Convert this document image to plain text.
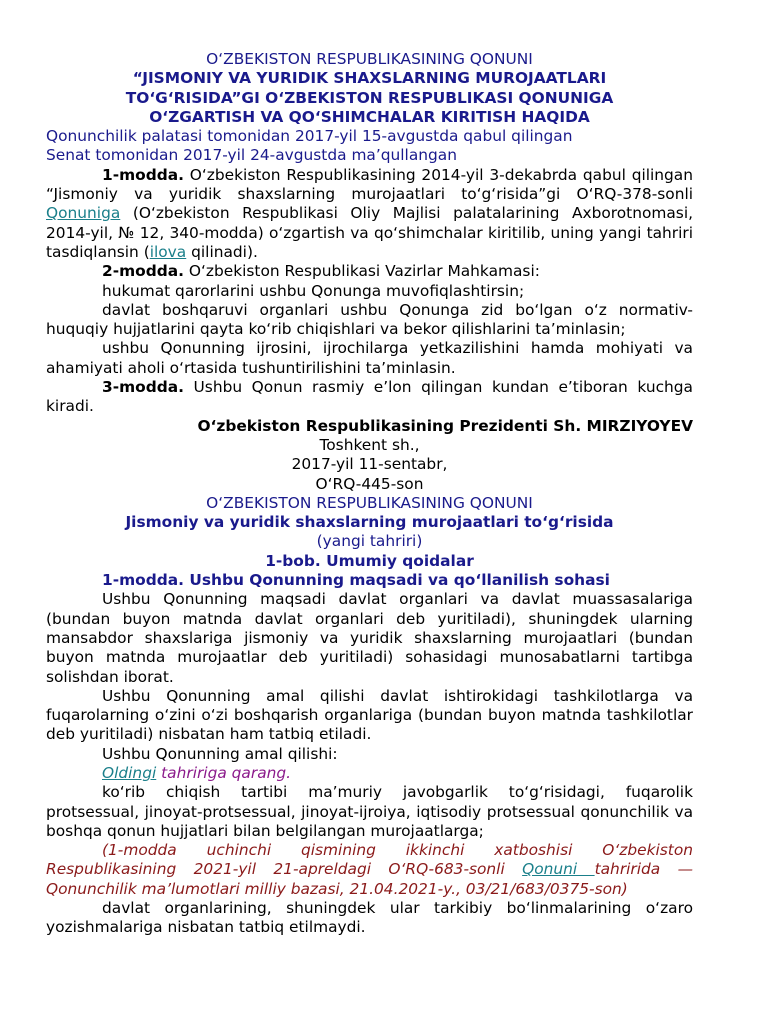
O‘ZBEKISTON RESPUBLIKASINING QONUNI

“JISMONIY VA YURIDIK SHAXSLARNING MUROJAATLARI

TO‘G‘RISIDA”GI O‘ZBEKISTON RESPUBLIKASI QONUNIGA

O‘ZGARTISH VA QO‘SHIMCHALAR KIRITISH HAQIDA

Qonunchilik palatasi tomonidan 2017-yil 15-avgustda qabul qilingan

Senat tomonidan 2017-yil 24-avgustda ma’qullangan

1-modda. O‘zbekiston Respublikasining 2014-yil 3-dekabrda qabul qilingan “Jismoniy va yuridik shaxslarning murojaatlari to‘g‘risida”gi O‘RQ-378-sonli Qonuniga (O‘zbekiston Respublikasi Oliy Majlisi palatalarining Axborotnomasi, 2014-yil, № 12, 340-modda) o‘zgartish va qo‘shimchalar kiritilib, uning yangi tahriri tasdiqlansin (ilova qilinadi).

2-modda. O‘zbekiston Respublikasi Vazirlar Mahkamasi:

hukumat qarorlarini ushbu Qonunga muvofiqlashtirsin;

davlat boshqaruvi organlari ushbu Qonunga zid bo‘lgan o‘z normativ-huquqiy hujjatlarini qayta ko‘rib chiqishlari va bekor qilishlarini ta’minlasin;

ushbu Qonunning ijrosini, ijrochilarga yetkazilishini hamda mohiyati va ahamiyati aholi o‘rtasida tushuntirilishini ta’minlasin.

3-modda. Ushbu Qonun rasmiy e’lon qilingan kundan e’tiboran kuchga kiradi.

O‘zbekiston Respublikasining Prezidenti Sh. MIRZIYOYEV

Toshkent sh.,

2017-yil 11-sentabr,

O‘RQ-445-son

O‘ZBEKISTON RESPUBLIKASINING QONUNI

Jismoniy va yuridik shaxslarning murojaatlari to‘g‘risida

(yangi tahriri)

1-bob. Umumiy qoidalar

1-modda. Ushbu Qonunning maqsadi va qo‘llanilish sohasi

Ushbu Qonunning maqsadi davlat organlari va davlat muassasalariga (bundan buyon matnda davlat organlari deb yuritiladi), shuningdek ularning mansabdor shaxslariga jismoniy va yuridik shaxslarning murojaatlari (bundan buyon matnda murojaatlar deb yuritiladi) sohasidagi munosabatlarni tartibga solishdan iborat.

Ushbu Qonunning amal qilishi davlat ishtirokidagi tashkilotlarga va fuqarolarning o‘zini o‘zi boshqarish organlariga (bundan buyon matnda tashkilotlar deb yuritiladi) nisbatan ham tatbiq etiladi.

Ushbu Qonunning amal qilishi:

Oldingi tahririga qarang.

ko‘rib chiqish tartibi ma’muriy javobgarlik to‘g‘risidagi, fuqarolik protsessual, jinoyat-protsessual, jinoyat-ijroiya, iqtisodiy protsessual qonunchilik va boshqa qonun hujjatlari bilan belgilangan murojaatlarga;

(1-modda uchinchi qismining ikkinchi xatboshisi O‘zbekiston Respublikasining 2021-yil 21-apreldagi O‘RQ-683-sonli Qonuni tahririda — Qonunchilik ma’lumotlari milliy bazasi, 21.04.2021-y., 03/21/683/0375-son)

davlat organlarining, shuningdek ular tarkibiy bo‘linmalarining o‘zaro yozishmalariga nisbatan tatbiq etilmaydi.
